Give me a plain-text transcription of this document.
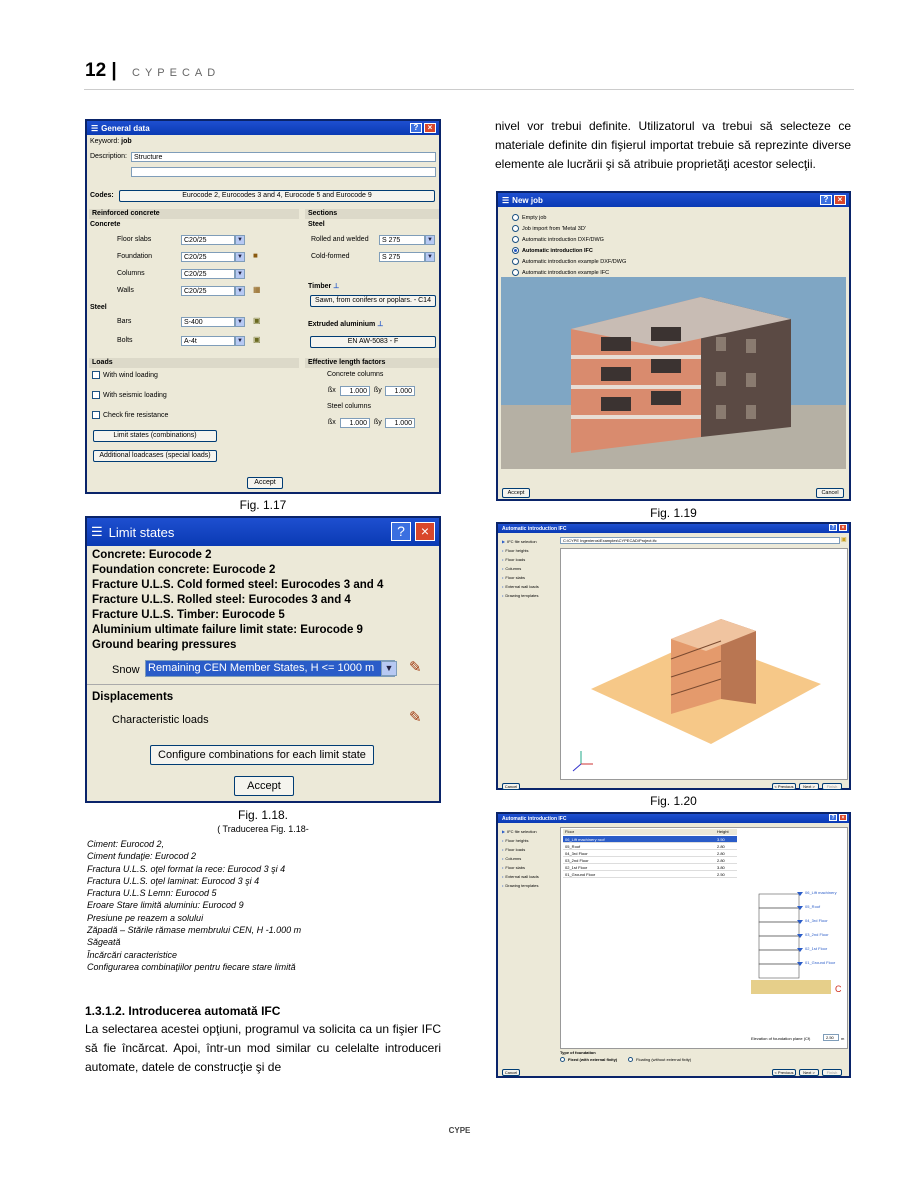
12 | CYPECAD
☰ General data	?	×
Keyword: job
Description:	Structure
Codes:	Eurocode 2, Eurocodes 3 and 4, Eurocode 5 and Eurocode 9
Reinforced concrete
Concrete
Steel
Loads
Limit states (combinations)
Additional loadcases (special loads)
Sections
Steel
Timber ⊥
Sawn, from conifers or poplars. - C14
Extruded aluminium ⊥
EN AW-5083 - F
Effective length factors
Concrete columns
ßx	1.000	ßy	1.000
Steel columns
ßx	1.000	ßy	1.000
Accept
Floor slabs	C20/25	▼
Foundation	C20/25	▼ ■
Columns	C20/25	▼
Walls	C20/25	▼ ▦
Bars	S-400	▼ ▣
Bolts	A-4t	▼ ▣
Rolled and welded	S 275	▼
Cold-formed	S 275	▼
With wind loading
With seismic loading
Check fire resistance
Fig. 1.17
☰ Limit states	?	×
Concrete: Eurocode 2
Foundation concrete: Eurocode 2
Fracture U.L.S. Cold formed steel: Eurocodes 3 and 4
Fracture U.L.S. Rolled steel: Eurocodes 3 and 4
Fracture U.L.S. Timber: Eurocode 5
Aluminium ultimate failure limit state: Eurocode 9
Ground bearing pressures
Snow Remaining CEN Member States, H <= 1000 m	▼ ✎
Displacements
Characteristic loads	✎
Configure combinations for each limit state
Accept
Fig. 1.18.
( Traducerea Fig. 1.18-
Ciment: Eurocod 2,
Ciment fundaţie: Eurocod 2
Fractura U.L.S. oţel format la rece: Eurocod 3 şi 4
Fractura U.L.S. oţel laminat: Eurocod 3 şi 4
Fractura U.L.S Lemn: Eurocod 5
Eroare Stare limită aluminiu: Eurocod 9
Presiune pe reazem a solului
Zăpadă – Stările rămase membrului CEN, H -1.000 m
Săgeată
Încărcări caracteristice
Configurarea combinaţiilor pentru fiecare stare limită
1.3.1.2. Introducerea automată IFC
La selectarea acestei opţiuni, programul va solicita ca un fişier IFC să fie încărcat. Apoi, într-un mod similar cu celelalte introduceri automate, datele de construcţie şi de
nivel vor trebui definite. Utilizatorul va trebui să selecteze ce materiale definite din fişierul importat trebuie să reprezinte diverse elemente ale lucrării şi să atribuie proprietăţi acestor selecţii.
☰ New job	?	×
Empty job
Job import from 'Metal 3D'
Automatic introduction DXF/DWG
Automatic introduction IFC
Automatic introduction example DXF/DWG
Automatic introduction example IFC
Accept	Cancel
Fig. 1.19
Automatic introduction IFC	?	×
▶ IFC file selection
• Floor heights
• Floor loads
• Columns
• Floor slabs
• External wall loads
• Drawing templates
C:\CYPE Ingenieros\Examples\CYPECAD\Project.ifc	▣
Cancel	< Previous	Next >	Finish
Fig. 1.20
Automatic introduction IFC	?	×
▶ IFC file selection
• Floor heights
• Floor loads
• Columns
• Floor slabs
• External wall loads
• Drawing templates
Floor	Height
06_Lift machinery roof	3.50
05_Roof	2.80
04_3rd Floor	2.80
03_2nd Floor	2.80
02_1st Floor	3.80
01_Ground Floor	2.50
06_Lift machinery
05_Roof
04_3rd Floor
03_2nd Floor
02_1st Floor
01_Ground Floor
C
Elevation of foundation plane (Cf)	2.50	m
Type of foundation
Fixed (with external fixity)	Floating (without external fixity)
Cancel	< Previous	Next >	Finish
CYPE
